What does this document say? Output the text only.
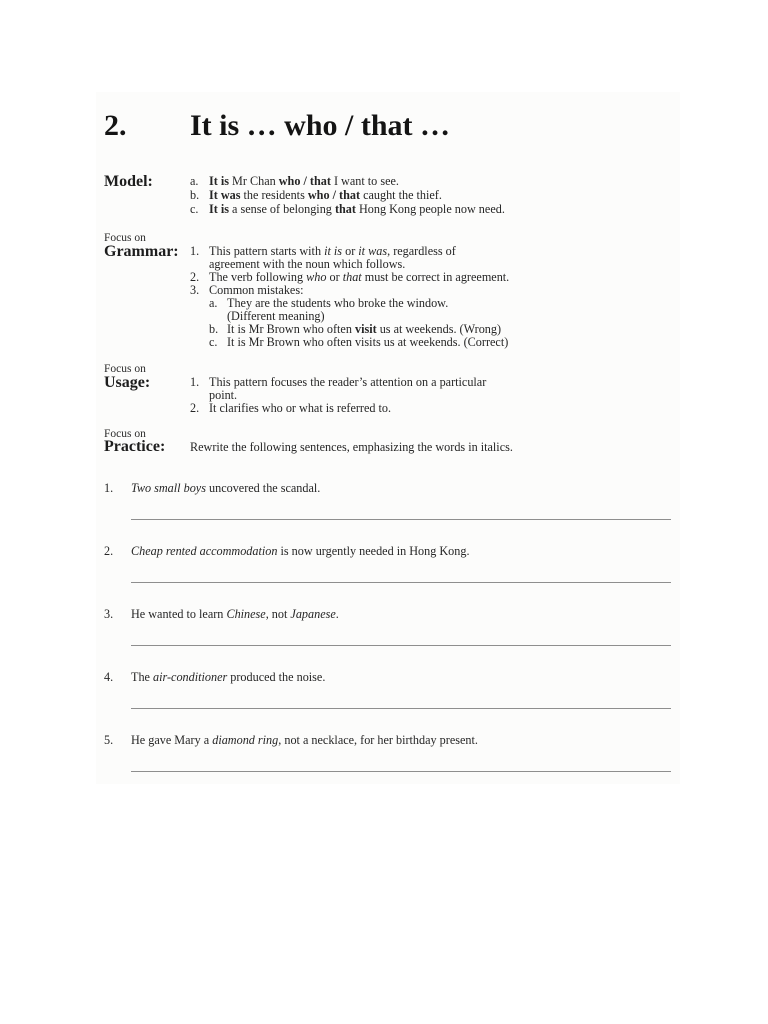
2. It is … who / that …
Model:	a. It is Mr Chan who / that I want to see.
b. It was the residents who / that caught the thief.
c. It is a sense of belonging that Hong Kong people now need.
Focus on
Grammar: 1. This pattern starts with it is or it was, regardless of
agreement with the noun which follows.
2. The verb following who or that must be correct in agreement.
3. Common mistakes:
a. They are the students who broke the window.
(Different meaning)
b. It is Mr Brown who often visit us at weekends. (Wrong)
c. It is Mr Brown who often visits us at weekends. (Correct)
Focus on
Usage:	1. This pattern focuses the reader’s attention on a particular
point.
2. It clarifies who or what is referred to.
Focus on
Practice: Rewrite the following sentences, emphasizing the words in italics.
1. Two small boys uncovered the scandal.
2. Cheap rented accommodation is now urgently needed in Hong Kong.
3. He wanted to learn Chinese, not Japanese.
4. The air-conditioner produced the noise.
5. He gave Mary a diamond ring, not a necklace, for her birthday present.
